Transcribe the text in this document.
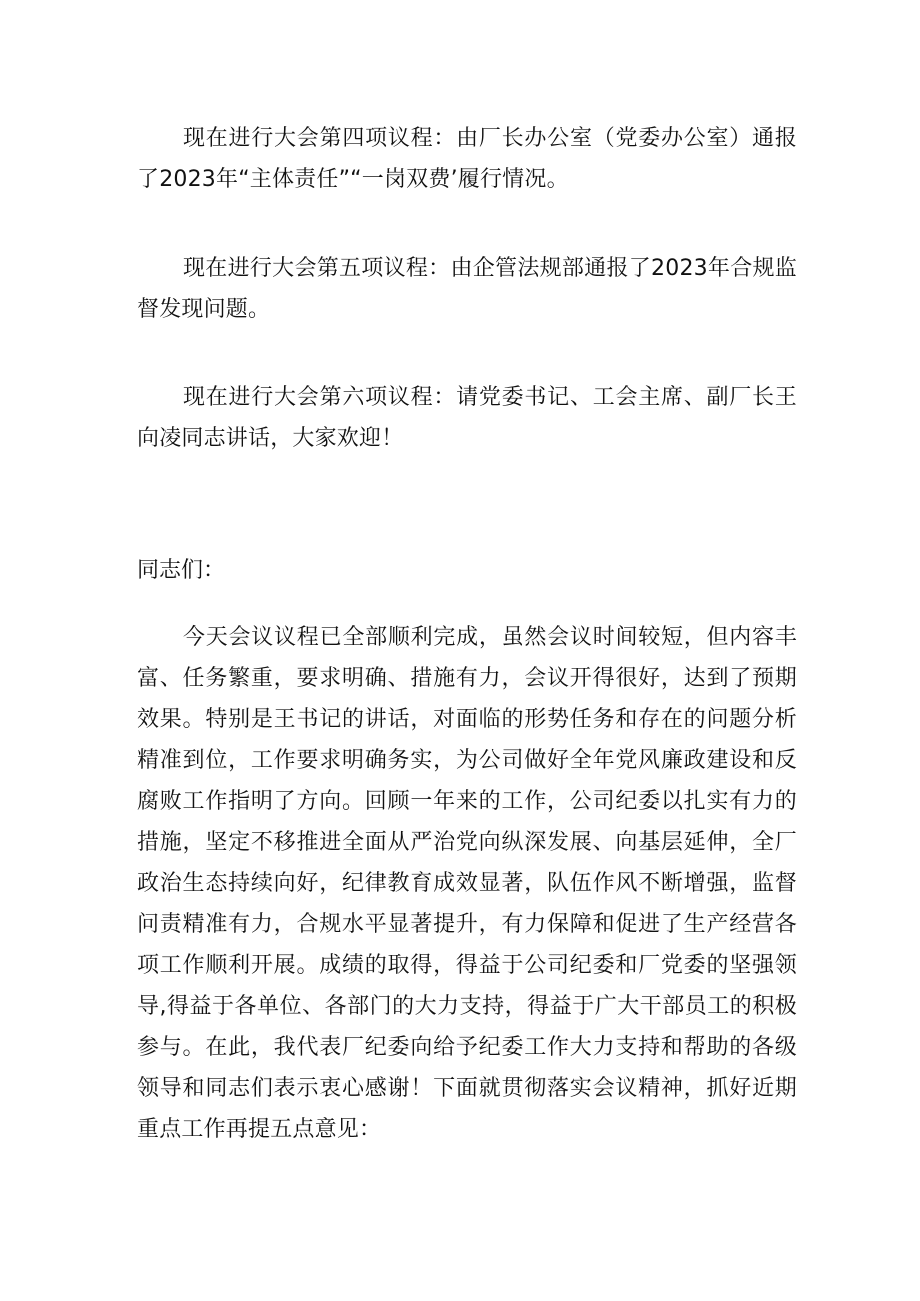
现在进行大会第四项议程：由厂长办公室（党委办公室）通报了2023年“主体责任”“一岗双费’履行情况。

现在进行大会第五项议程：由企管法规部通报了2023年合规监督发现问题。

现在进行大会第六项议程：请党委书记、工会主席、副厂长王向凌同志讲话，大家欢迎！

同志们：

今天会议议程已全部顺利完成，虽然会议时间较短，但内容丰富、任务繁重，要求明确、措施有力，会议开得很好，达到了预期效果。特别是王书记的讲话，对面临的形势任务和存在的问题分析精准到位，工作要求明确务实，为公司做好全年党风廉政建设和反腐败工作指明了方向。回顾一年来的工作，公司纪委以扎实有力的措施，坚定不移推进全面从严治党向纵深发展、向基层延伸，全厂政治生态持续向好，纪律教育成效显著，队伍作风不断增强，监督问责精准有力，合规水平显著提升，有力保障和促进了生产经营各项工作顺利开展。成绩的取得，得益于公司纪委和厂党委的坚强领导,得益于各单位、各部门的大力支持，得益于广大干部员工的积极参与。在此，我代表厂纪委向给予纪委工作大力支持和帮助的各级领导和同志们表示衷心感谢！下面就贯彻落实会议精神，抓好近期重点工作再提五点意见：
